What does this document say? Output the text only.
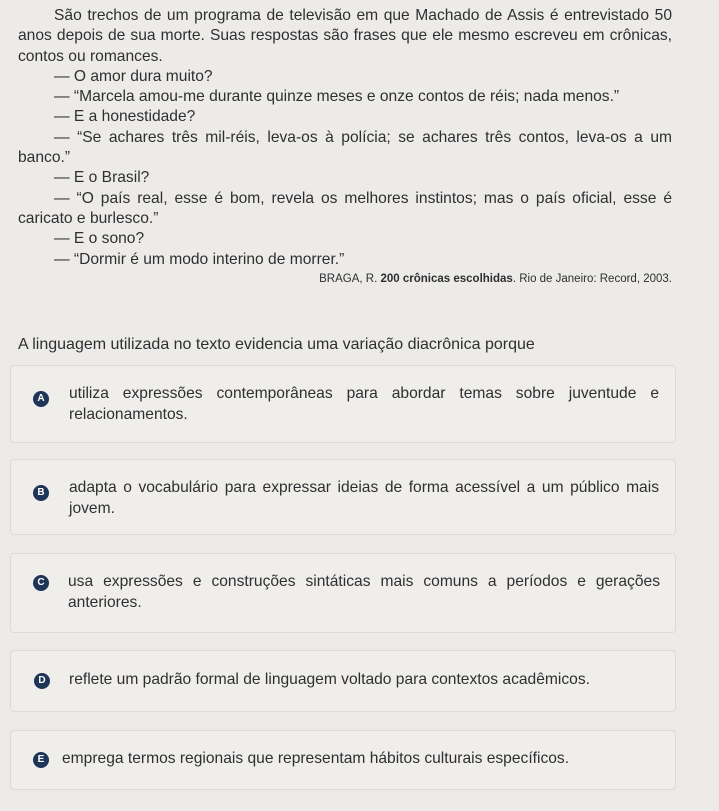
São trechos de um programa de televisão em que Machado de Assis é entrevistado 50 anos depois de sua morte. Suas respostas são frases que ele mesmo escreveu em crônicas, contos ou romances.

— O amor dura muito?

— “Marcela amou-me durante quinze meses e onze contos de réis; nada menos.”

— E a honestidade?

— “Se achares três mil-réis, leva-os à polícia; se achares três contos, leva-os a um banco.”

— E o Brasil?

— “O país real, esse é bom, revela os melhores instintos; mas o país oficial, esse é caricato e burlesco.”

— E o sono?

— “Dormir é um modo interino de morrer.”

BRAGA, R. 200 crônicas escolhidas. Rio de Janeiro: Record, 2003.

A linguagem utilizada no texto evidencia uma variação diacrônica porque
A utiliza expressões contemporâneas para abordar temas sobre juventude e relacionamentos.
B adapta o vocabulário para expressar ideias de forma acessível a um público mais jovem.
C usa expressões e construções sintáticas mais comuns a períodos e gerações anteriores.
D reflete um padrão formal de linguagem voltado para contextos acadêmicos.
E emprega termos regionais que representam hábitos culturais específicos.
